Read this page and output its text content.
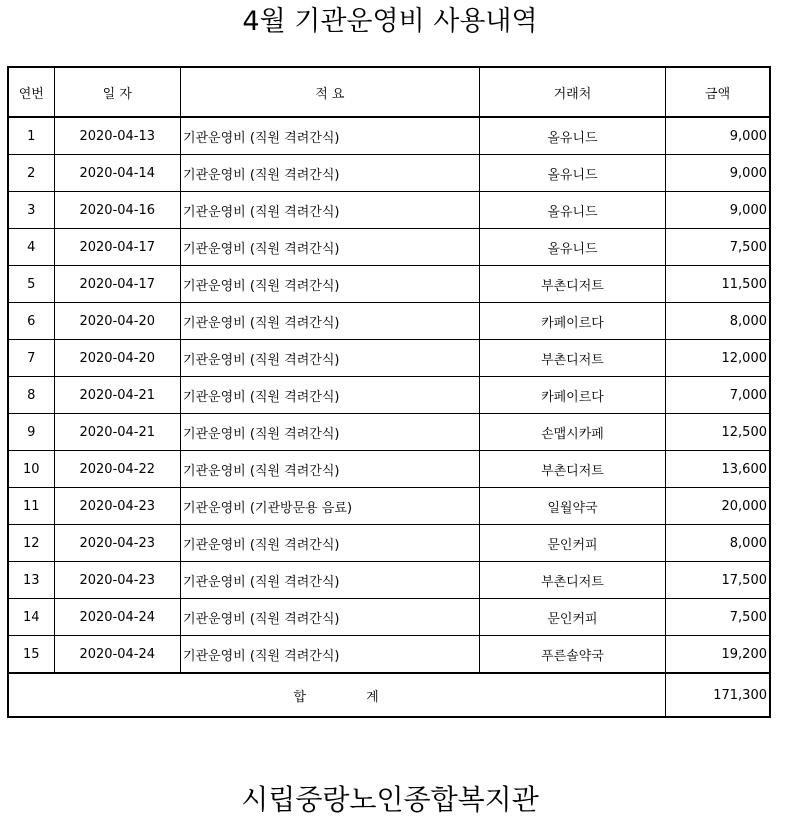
4월 기관운영비 사용내역
연번	일 자	적 요	거래처	금액
1	2020-04-13	기관운영비 (직원 격려간식)	올유니드	9,000
2	2020-04-14	기관운영비 (직원 격려간식)	올유니드	9,000
3	2020-04-16	기관운영비 (직원 격려간식)	올유니드	9,000
4	2020-04-17	기관운영비 (직원 격려간식)	올유니드	7,500
5	2020-04-17	기관운영비 (직원 격려간식)	부촌디저트	11,500
6	2020-04-20	기관운영비 (직원 격려간식)	카페이르다	8,000
7	2020-04-20	기관운영비 (직원 격려간식)	부촌디저트	12,000
8	2020-04-21	기관운영비 (직원 격려간식)	카페이르다	7,000
9	2020-04-21	기관운영비 (직원 격려간식)	손맵시카페	12,500
10	2020-04-22	기관운영비 (직원 격려간식)	부촌디저트	13,600
11	2020-04-23	기관운영비 (기관방문용 음료)	일월약국	20,000
12	2020-04-23	기관운영비 (직원 격려간식)	문인커피	8,000
13	2020-04-23	기관운영비 (직원 격려간식)	부촌디저트	17,500
14	2020-04-24	기관운영비 (직원 격려간식)	문인커피	7,500
15	2020-04-24	기관운영비 (직원 격려간식)	푸른솔약국	19,200
합 계				171,300
시립중랑노인종합복지관
